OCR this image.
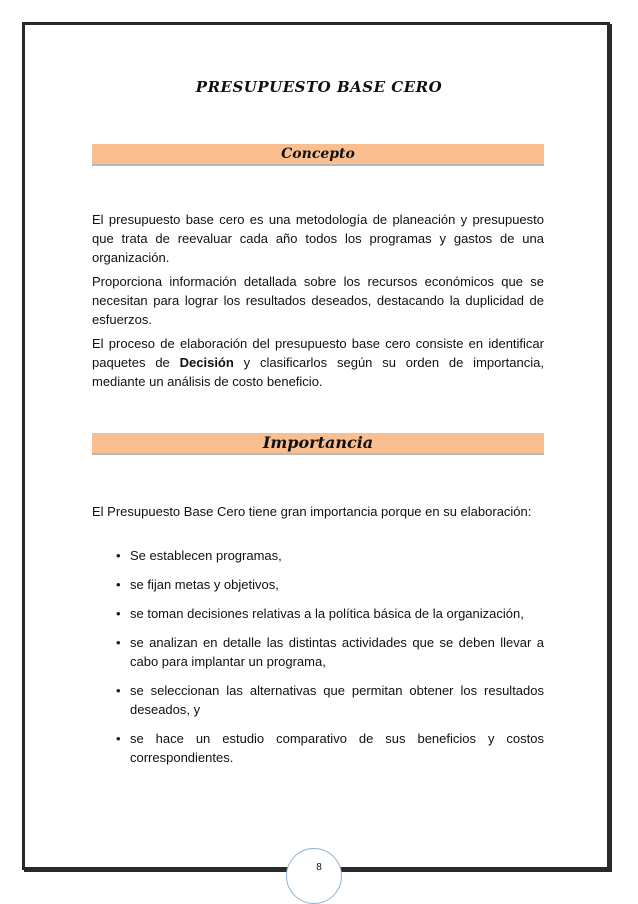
PRESUPUESTO BASE CERO
Concepto

El presupuesto base cero es una metodología de planeación y presupuesto que trata de reevaluar cada año todos los programas y gastos de una organización.

Proporciona información detallada sobre los recursos económicos que se necesitan para lograr los resultados deseados, destacando la duplicidad de esfuerzos.

El proceso de elaboración del presupuesto base cero consiste en identificar paquetes de Decisión y clasificarlos según su orden de importancia, mediante un análisis de costo beneficio.

Importancia

El Presupuesto Base Cero tiene gran importancia porque en su elaboración:

• Se establecen programas,
• se fijan metas y objetivos,
• se toman decisiones relativas a la política básica de la organización,
• se analizan en detalle las distintas actividades que se deben llevar a cabo para implantar un programa,
• se seleccionan las alternativas que permitan obtener los resultados deseados, y
• se hace un estudio comparativo de sus beneficios y costos correspondientes.
8
